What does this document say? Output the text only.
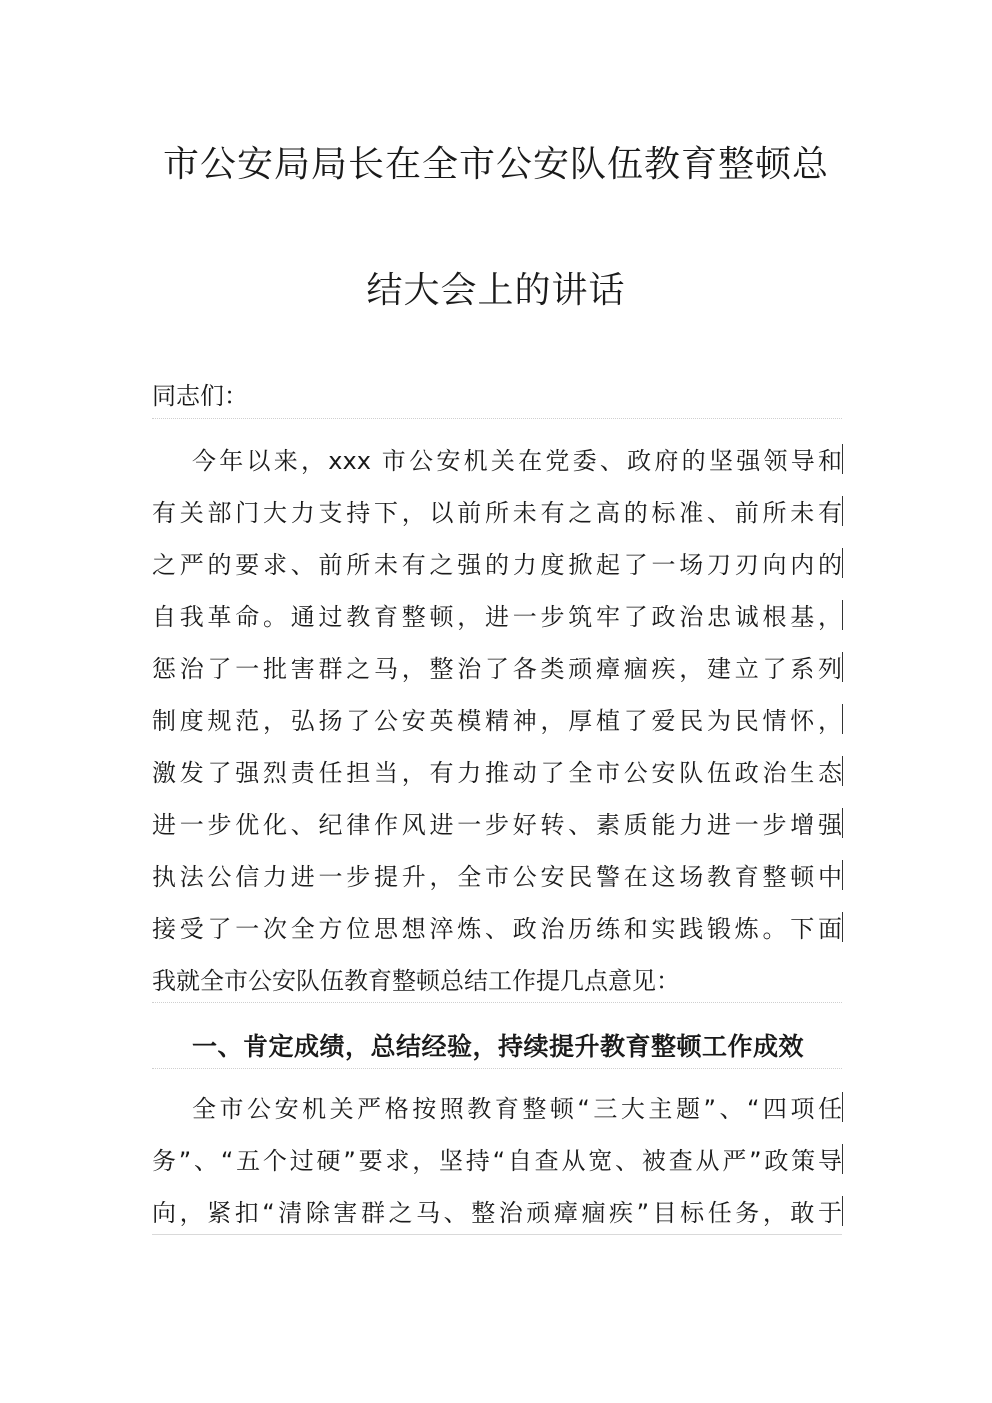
市公安局局长在全市公安队伍教育整顿总
结大会上的讲话
同志们：
今年以来，xxx 市公安机关在党委、政府的坚强领导和
有关部门大力支持下，以前所未有之高的标准、前所未有
之严的要求、前所未有之强的力度掀起了一场刀刃向内的
自我革命。通过教育整顿，进一步筑牢了政治忠诚根基，
惩治了一批害群之马，整治了各类顽瘴痼疾，建立了系列
制度规范，弘扬了公安英模精神，厚植了爱民为民情怀，
激发了强烈责任担当，有力推动了全市公安队伍政治生态
进一步优化、纪律作风进一步好转、素质能力进一步增强
执法公信力进一步提升，全市公安民警在这场教育整顿中
接受了一次全方位思想淬炼、政治历练和实践锻炼。下面
我就全市公安队伍教育整顿总结工作提几点意见：
一、肯定成绩，总结经验，持续提升教育整顿工作成效
全市公安机关严格按照教育整顿“三大主题”、“四项任
务”、“五个过硬”要求，坚持“自查从宽、被查从严”政策导
向，紧扣“清除害群之马、整治顽瘴痼疾”目标任务，敢于
